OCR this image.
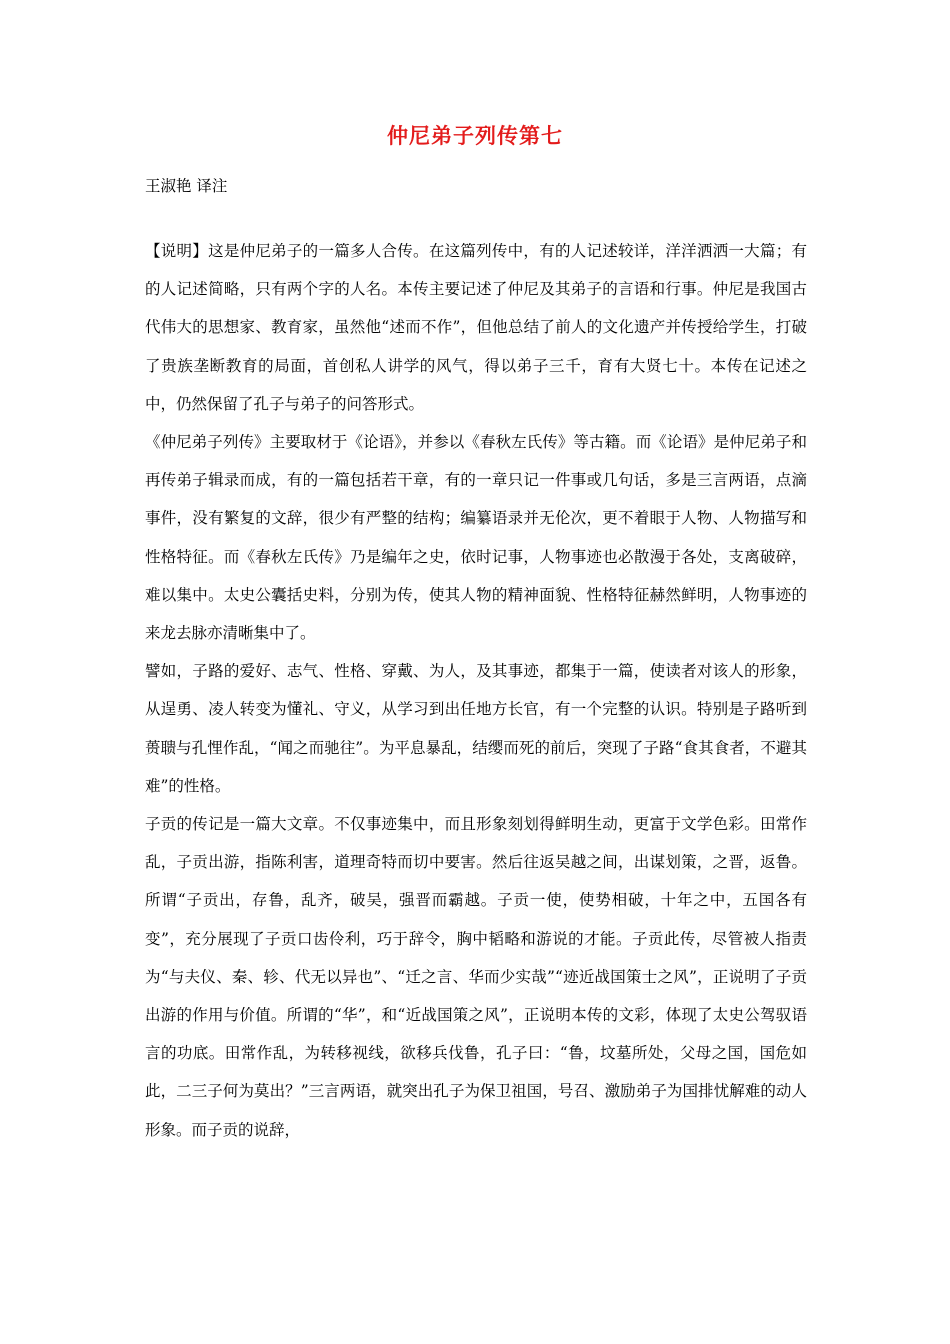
仲尼弟子列传第七

王淑艳 译注

【说明】这是仲尼弟子的一篇多人合传。在这篇列传中，有的人记述较详，洋洋洒洒一大篇；有的人记述简略，只有两个字的人名。本传主要记述了仲尼及其弟子的言语和行事。仲尼是我国古代伟大的思想家、教育家，虽然他“述而不作”，但他总结了前人的文化遗产并传授给学生，打破了贵族垄断教育的局面，首创私人讲学的风气，得以弟子三千，育有大贤七十。本传在记述之中，仍然保留了孔子与弟子的问答形式。

《仲尼弟子列传》主要取材于《论语》，并参以《春秋左氏传》等古籍。而《论语》是仲尼弟子和再传弟子辑录而成，有的一篇包括若干章，有的一章只记一件事或几句话，多是三言两语，点滴事件，没有繁复的文辞，很少有严整的结构；编纂语录并无伦次，更不着眼于人物、人物描写和性格特征。而《春秋左氏传》乃是编年之史，依时记事，人物事迹也必散漫于各处，支离破碎，难以集中。太史公囊括史料，分别为传，使其人物的精神面貌、性格特征赫然鲜明，人物事迹的来龙去脉亦清晰集中了。

譬如，子路的爱好、志气、性格、穿戴、为人，及其事迹，都集于一篇，使读者对该人的形象，从逞勇、凌人转变为懂礼、守义，从学习到出任地方长官，有一个完整的认识。特别是子路听到蒉聩与孔悝作乱，“闻之而驰往”。为平息暴乱，结缨而死的前后，突现了子路“食其食者，不避其难”的性格。

子贡的传记是一篇大文章。不仅事迹集中，而且形象刻划得鲜明生动，更富于文学色彩。田常作乱，子贡出游，指陈利害，道理奇特而切中要害。然后往返吴越之间，出谋划策，之晋，返鲁。所谓“子贡出，存鲁，乱齐，破吴，强晋而霸越。子贡一使，使势相破，十年之中，五国各有变”，充分展现了子贡口齿伶利，巧于辞令，胸中韬略和游说的才能。子贡此传，尽管被人指责为“与夫仪、秦、轸、代无以异也”、“迁之言、华而少实哉”“迹近战国策士之风”，正说明了子贡出游的作用与价值。所谓的“华”，和“近战国策之风”，正说明本传的文彩，体现了太史公驾驭语言的功底。田常作乱，为转移视线，欲移兵伐鲁，孔子曰：“鲁，坟墓所处，父母之国，国危如此，二三子何为莫出？”三言两语，就突出孔子为保卫祖国，号召、激励弟子为国排忧解难的动人形象。而子贡的说辞，
